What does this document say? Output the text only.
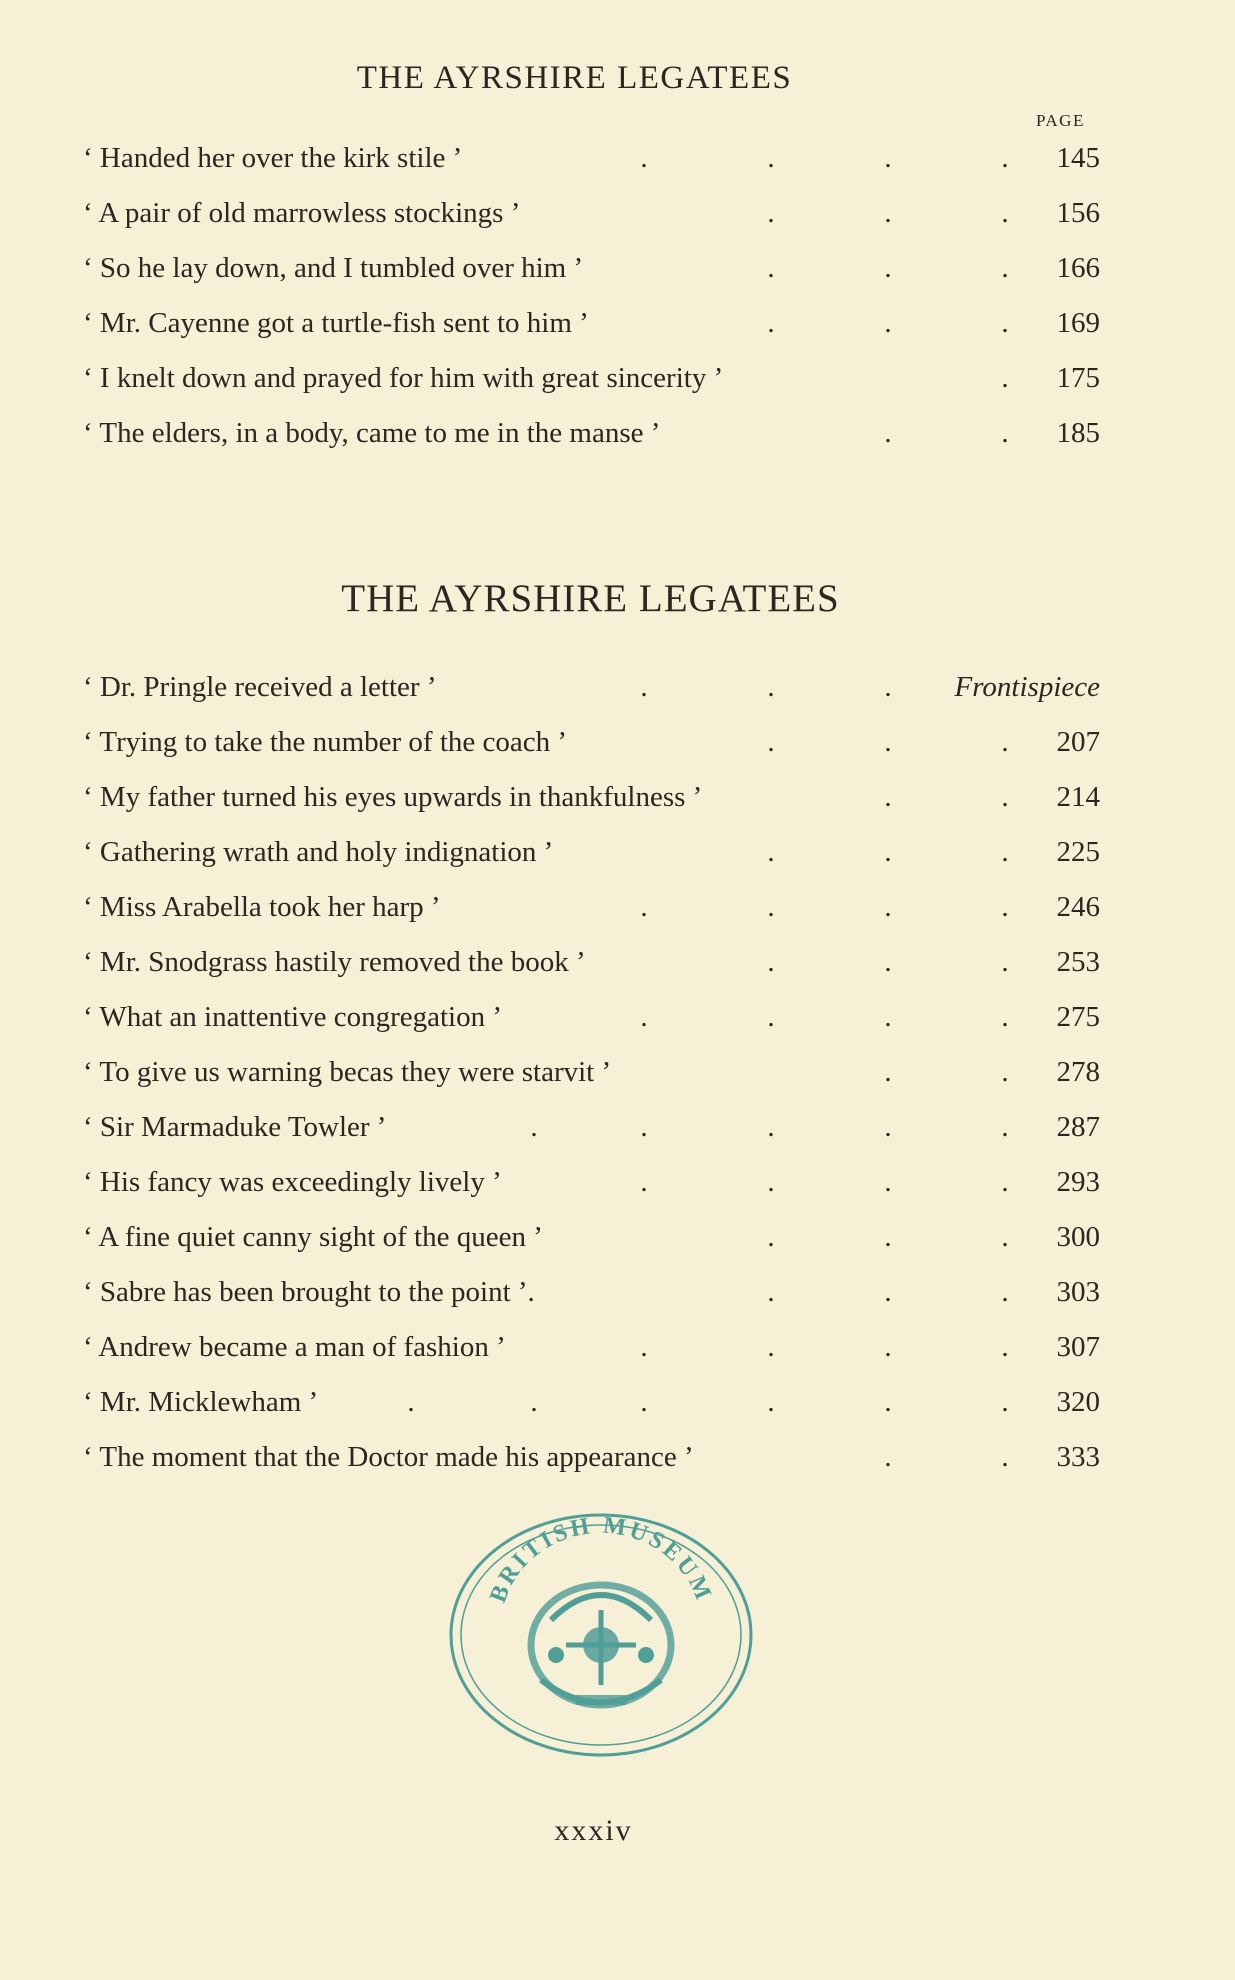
THE AYRSHIRE LEGATEES
PAGE
‘ Handed her over the kirk stile ’	.	.	.	. 145
‘ A pair of old marrowless stockings ’	.	.	. 156
‘ So he lay down, and I tumbled over him ’	.	.	. 166
‘ Mr. Cayenne got a turtle-fish sent to him ’	.	.	. 169
‘ I knelt down and prayed for him with great sincerity ’	. 175
‘ The elders, in a body, came to me in the manse ’	.	. 185
THE AYRSHIRE LEGATEES
‘ Dr. Pringle received a letter ’	.	.	. Frontispiece
‘ Trying to take the number of the coach ’	.	.	. 207
‘ My father turned his eyes upwards in thankfulness ’	.	. 214
‘ Gathering wrath and holy indignation ’	.	.	. 225
‘ Miss Arabella took her harp ’	.	.	.	. 246
‘ Mr. Snodgrass hastily removed the book ’	.	.	. 253
‘ What an inattentive congregation ’	.	.	.	. 275
‘ To give us warning becas they were starvit ’	.	. 278
‘ Sir Marmaduke Towler ’	.	.	.	.	. 287
‘ His fancy was exceedingly lively ’	.	.	.	. 293
‘ A fine quiet canny sight of the queen ’	.	.	. 300
‘ Sabre has been brought to the point ’.	.	.	. 303
‘ Andrew became a man of fashion ’	.	.	.	. 307
‘ Mr. Micklewham ’	.	.	.	.	.	. 320
‘ The moment that the Doctor made his appearance ’	.	. 333
BRITISH MUSEUM
xxxiv
